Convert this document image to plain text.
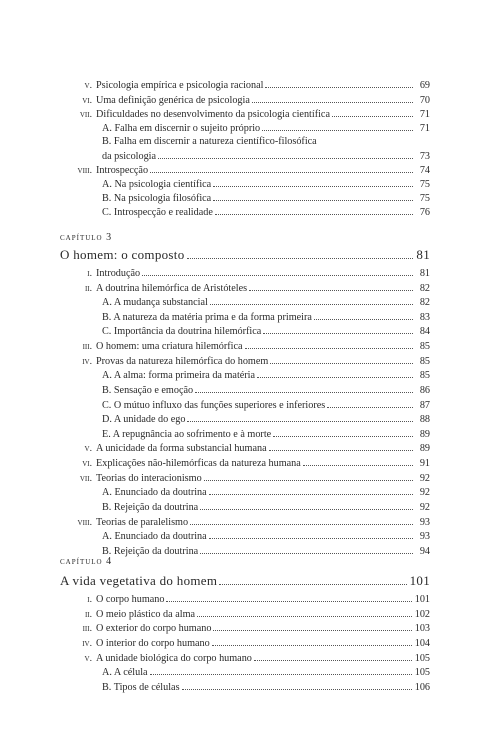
v. Psicologia empírica e psicologia racional	69
vi. Uma definição genérica de psicologia	70
vii. Dificuldades no desenvolvimento da psicologia científica	71
A. Falha em discernir o sujeito próprio	71
B. Falha em discernir a natureza científico-filosófica
da psicologia	73
viii. Introspecção	74
A. Na psicologia científica	75
B. Na psicologia filosófica	75
C. Introspecção e realidade	76
capítulo 3
O homem: o composto	81
i. Introdução	81
ii. A doutrina hilemórfica de Aristóteles	82
A. A mudança substancial	82
B. A natureza da matéria prima e da forma primeira	83
C. Importância da doutrina hilemórfica	84
iii. O homem: uma criatura hilemórfica	85
iv. Provas da natureza hilemórfica do homem	85
A. A alma: forma primeira da matéria	85
B. Sensação e emoção	86
C. O mútuo influxo das funções superiores e inferiores	87
D. A unidade do ego	88
E. A repugnância ao sofrimento e à morte	89
v. A unicidade da forma substancial humana	89
vi. Explicações não-hilemórficas da natureza humana	91
vii. Teorias do interacionismo	92
A. Enunciado da doutrina	92
B. Rejeição da doutrina	92
viii. Teorias de paralelismo	93
A. Enunciado da doutrina	93
B. Rejeição da doutrina	94
capítulo 4
A vida vegetativa do homem	101
i. O corpo humano	101
ii. O meio plástico da alma	102
iii. O exterior do corpo humano	103
iv. O interior do corpo humano	104
v. A unidade biológica do corpo humano	105
A. A célula	105
B. Tipos de células	106
